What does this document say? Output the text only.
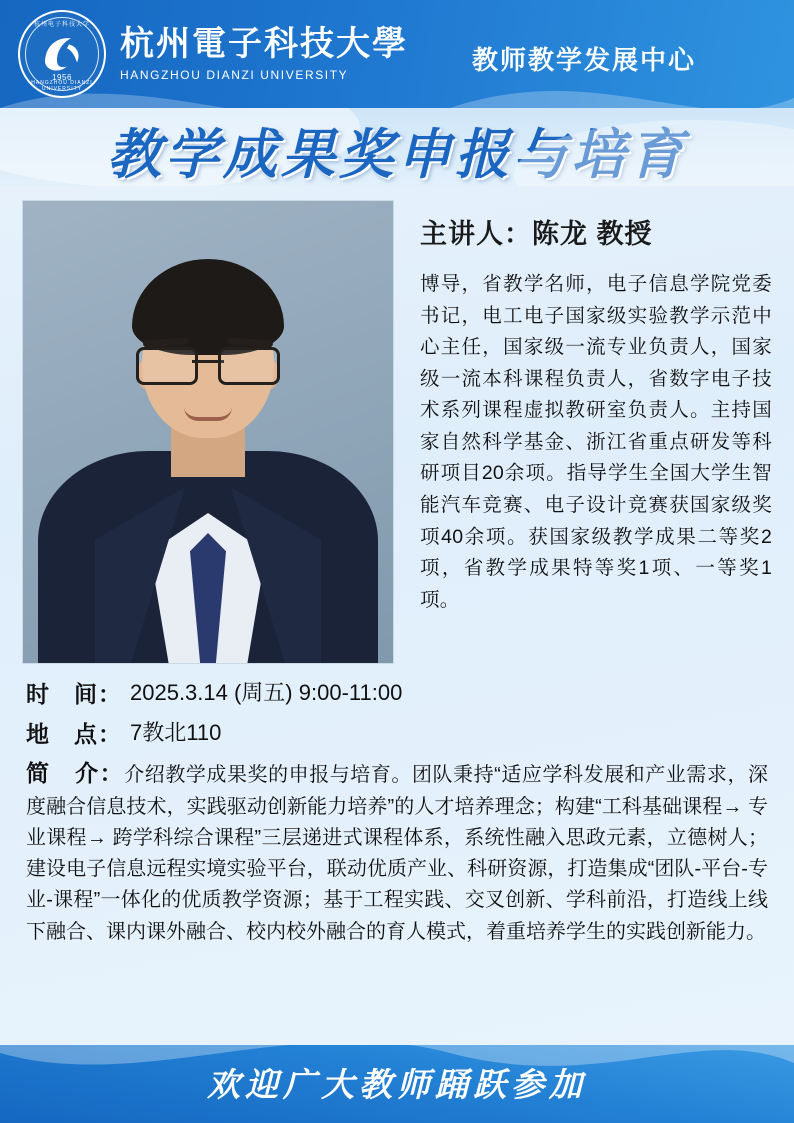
杭州电子科技大学
1956
HANGZHOU DIANZI UNIVERSITY
杭州電子科技大學
HANGZHOU DIANZI UNIVERSITY
教师教学发展中心
教学成果奖申报与培育
主讲人：陈龙 教授
博导，省教学名师，电子信息学院党委书记，电工电子国家级实验教学示范中心主任，国家级一流专业负责人，国家级一流本科课程负责人，省数字电子技术系列课程虚拟教研室负责人。主持国家自然科学基金、浙江省重点研发等科研项目20余项。指导学生全国大学生智能汽车竞赛、电子设计竞赛获国家级奖项40余项。获国家级教学成果二等奖2项，省教学成果特等奖1项、一等奖1项。
时　间： 2025.3.14 (周五) 9:00-11:00
地　点： 7教北110
简　介：介绍教学成果奖的申报与培育。团队秉持“适应学科发展和产业需求，深度融合信息技术，实践驱动创新能力培养”的人才培养理念；构建“工科基础课程→ 专业课程→ 跨学科综合课程”三层递进式课程体系，系统性融入思政元素，立德树人；建设电子信息远程实境实验平台，联动优质产业、科研资源，打造集成“团队-平台-专业-课程”一体化的优质教学资源；基于工程实践、交叉创新、学科前沿，打造线上线下融合、课内课外融合、校内校外融合的育人模式，着重培养学生的实践创新能力。
欢迎广大教师踊跃参加
